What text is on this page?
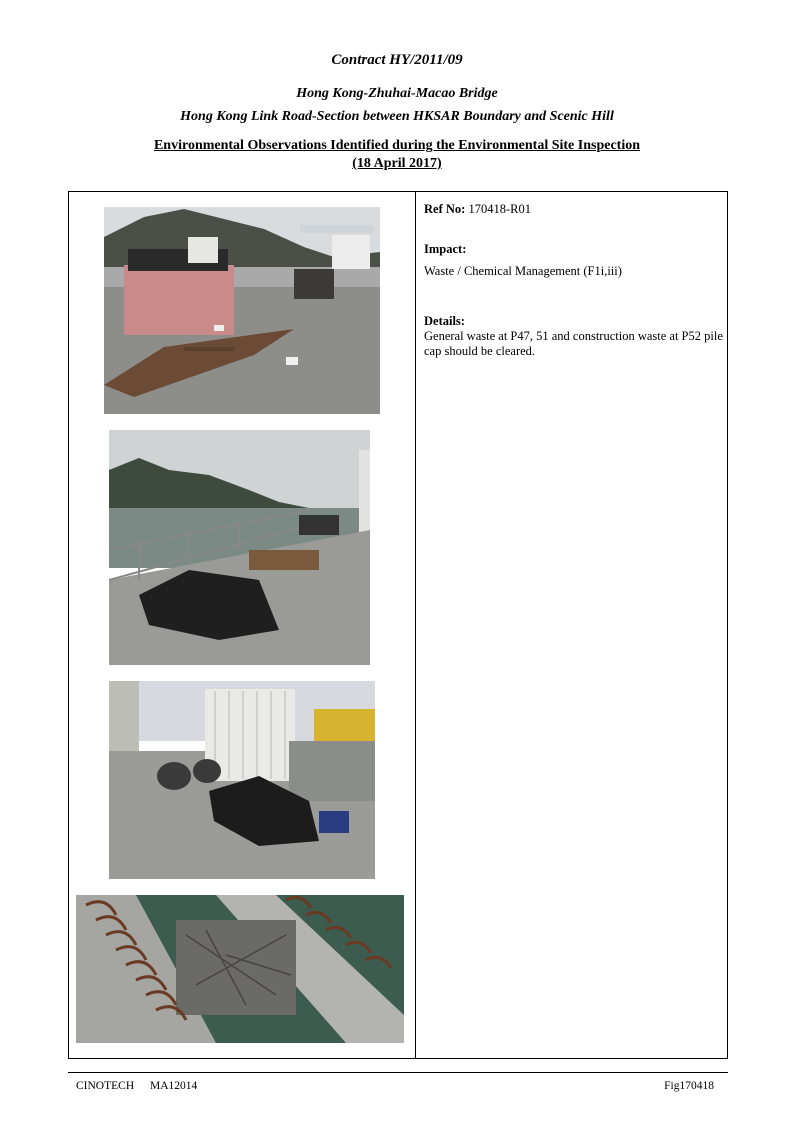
Contract HY/2011/09
Hong Kong-Zhuhai-Macao Bridge
Hong Kong Link Road-Section between HKSAR Boundary and Scenic Hill
Environmental Observations Identified during the Environmental Site Inspection
(18 April 2017)
Ref No: 170418-R01
Impact:
Waste / Chemical Management (F1i,iii)
Details:
General waste at P47, 51 and construction waste at P52 pile cap should be cleared.
CINOTECH MA12014	Fig170418
